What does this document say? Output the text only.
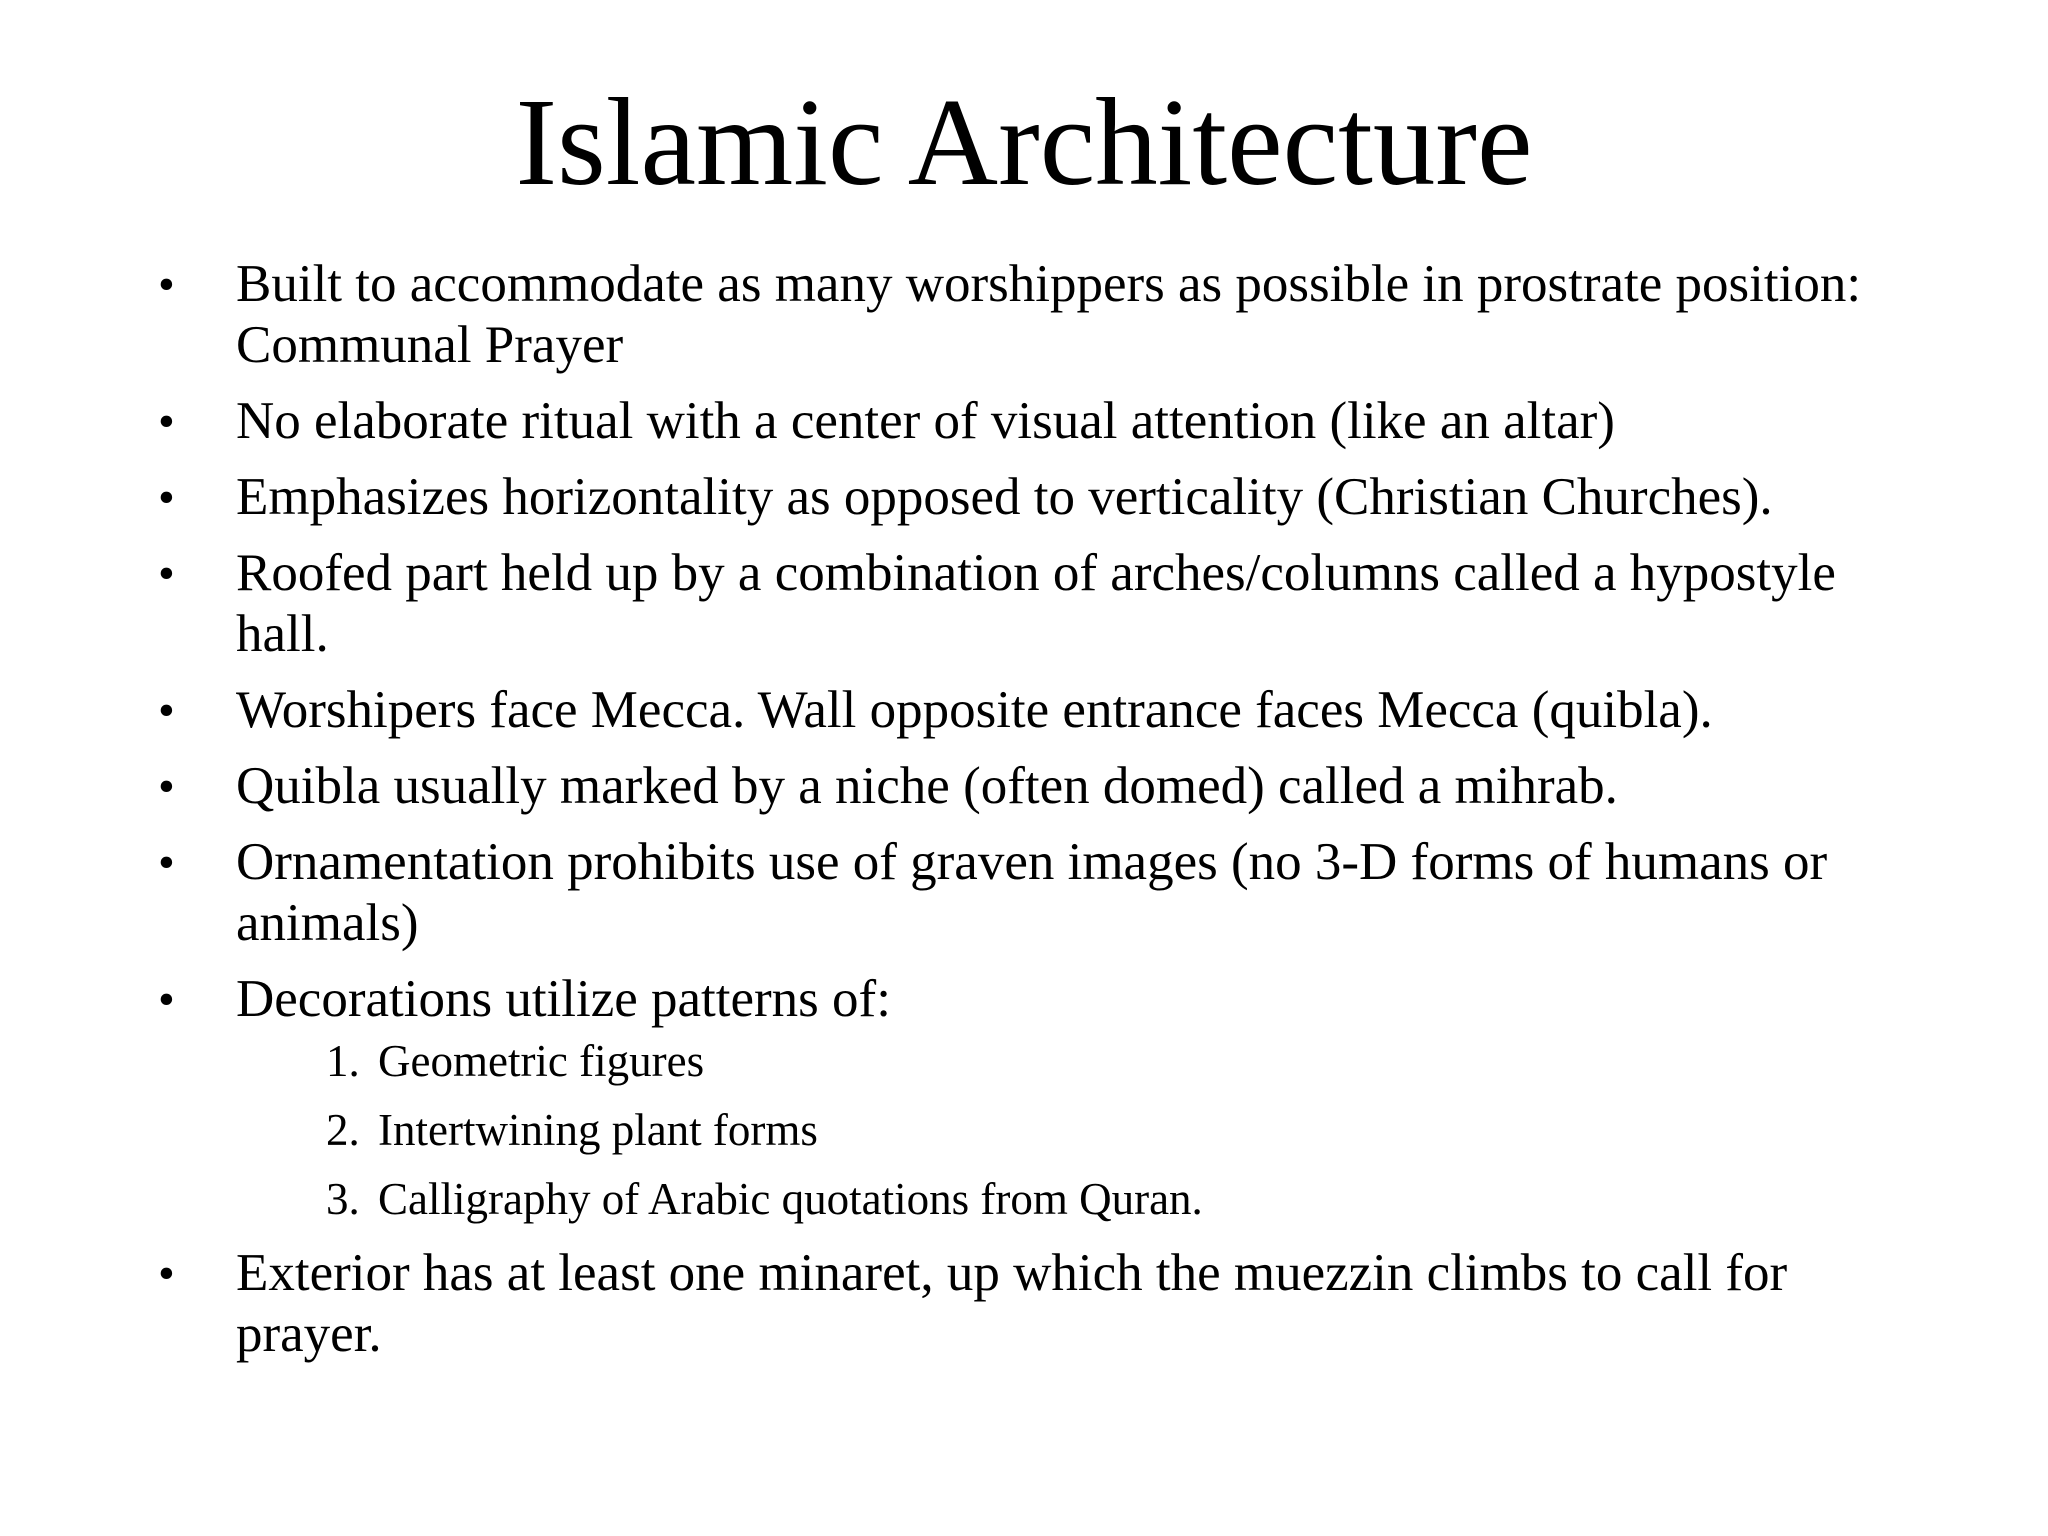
Islamic Architecture
• Built to accommodate as many worshippers as possible in prostrate position: Communal Prayer
• No elaborate ritual with a center of visual attention (like an altar)
• Emphasizes horizontality as opposed to verticality (Christian Churches).
• Roofed part held up by a combination of arches/columns called a hypostyle hall.
• Worshipers face Mecca. Wall opposite entrance faces Mecca (quibla).
• Quibla usually marked by a niche (often domed) called a mihrab.
• Ornamentation prohibits use of graven images (no 3-D forms of humans or animals)
• Decorations utilize patterns of:
1. Geometric figures
2. Intertwining plant forms
3. Calligraphy of Arabic quotations from Quran.
• Exterior has at least one minaret, up which the muezzin climbs to call for prayer.
